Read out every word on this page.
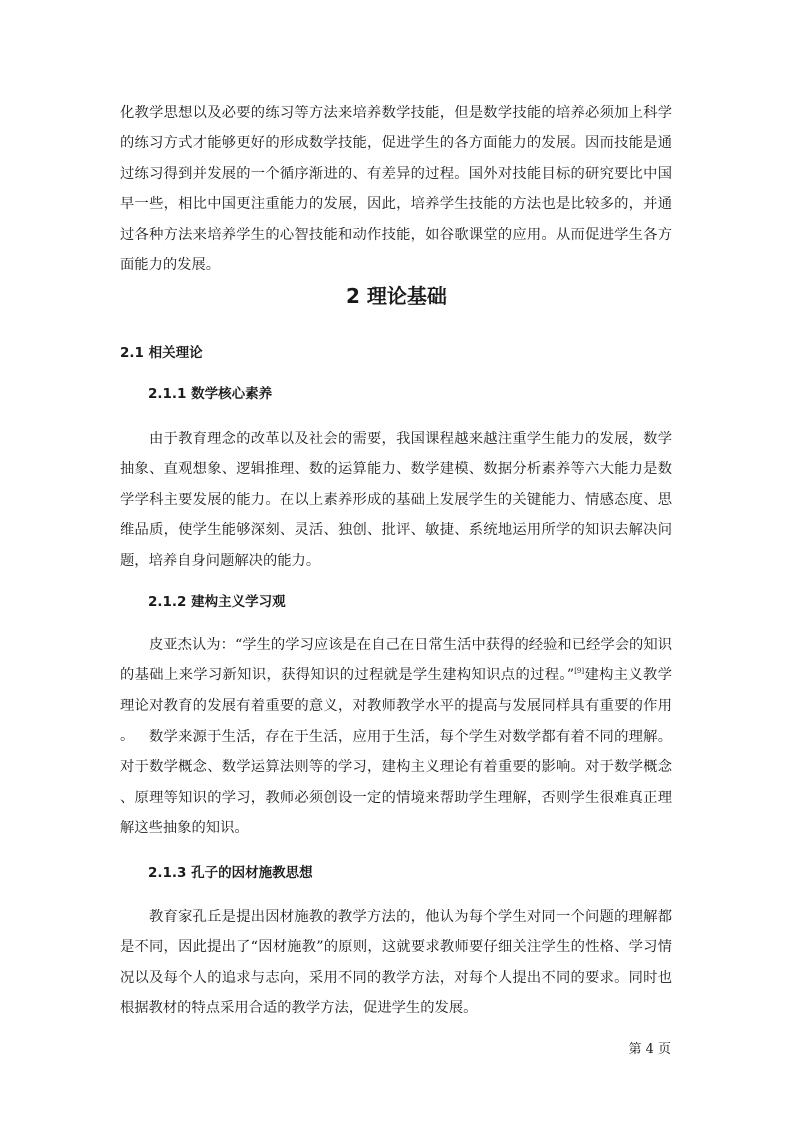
化教学思想以及必要的练习等方法来培养数学技能，但是数学技能的培养必须加上科学的练习方式才能够更好的形成数学技能，促进学生的各方面能力的发展。因而技能是通过练习得到并发展的一个循序渐进的、有差异的过程。国外对技能目标的研究要比中国早一些，相比中国更注重能力的发展，因此，培养学生技能的方法也是比较多的，并通过各种方法来培养学生的心智技能和动作技能，如谷歌课堂的应用。从而促进学生各方面能力的发展。

2 理论基础
2.1 相关理论
2.1.1 数学核心素养

由于教育理念的改革以及社会的需要，我国课程越来越注重学生能力的发展，数学抽象、直观想象、逻辑推理、数的运算能力、数学建模、数据分析素养等六大能力是数学学科主要发展的能力。在以上素养形成的基础上发展学生的关键能力、情感态度、思维品质，使学生能够深刻、灵活、独创、批评、敏捷、系统地运用所学的知识去解决问题，培养自身问题解决的能力。

2.1.2 建构主义学习观

皮亚杰认为：“学生的学习应该是在自己在日常生活中获得的经验和已经学会的知识的基础上来学习新知识，获得知识的过程就是学生建构知识点的过程。”[9]建构主义教学理论对教育的发展有着重要的意义，对教师教学水平的提高与发展同样具有重要的作用。	数学来源于生活，存在于生活，应用于生活，每个学生对数学都有着不同的理解。对于数学概念、数学运算法则等的学习，建构主义理论有着重要的影响。对于数学概念、原理等知识的学习，教师必须创设一定的情境来帮助学生理解，否则学生很难真正理解这些抽象的知识。

2.1.3 孔子的因材施教思想

教育家孔丘是提出因材施教的教学方法的，他认为每个学生对同一个问题的理解都是不同，因此提出了“因材施教”的原则，这就要求教师要仔细关注学生的性格、学习情况以及每个人的追求与志向，采用不同的教学方法，对每个人提出不同的要求。同时也根据教材的特点采用合适的教学方法，促进学生的发展。

第 4 页
